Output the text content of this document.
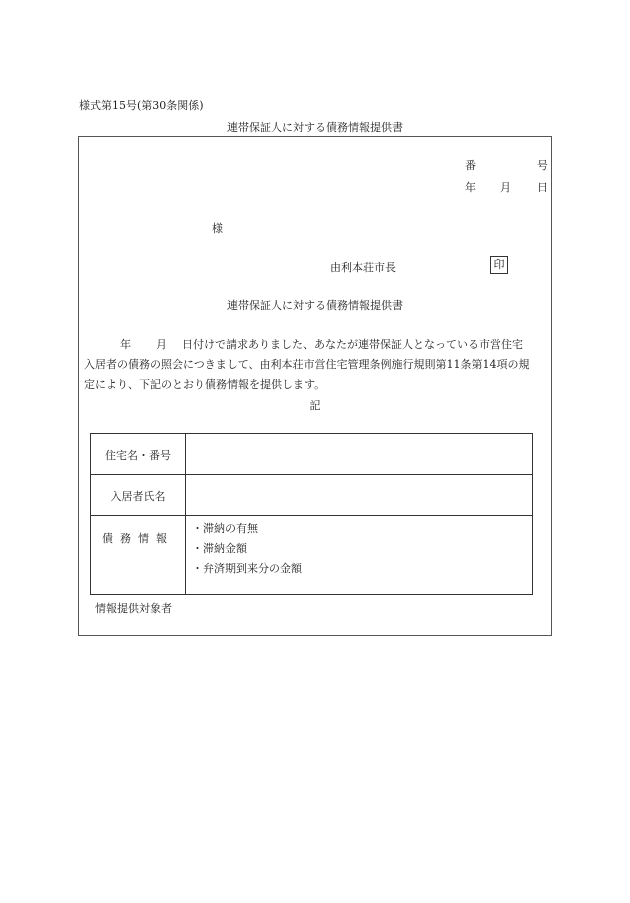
様式第15号(第30条関係)
連帯保証人に対する債務情報提供書
番	号
年 月 日
様
由利本荘市長	印
連帯保証人に対する債務情報提供書
年 月 日付けで請求ありました、あなたが連帯保証人となっている市営住宅
入居者の債務の照会につきまして、由利本荘市営住宅管理条例施行規則第11条第14項の規
定により、下記のとおり債務情報を提供します。
記
住宅名・番号
入居者氏名
債務情報
・滞納の有無
・滞納金額
・弁済期到来分の金額
情報提供対象者
